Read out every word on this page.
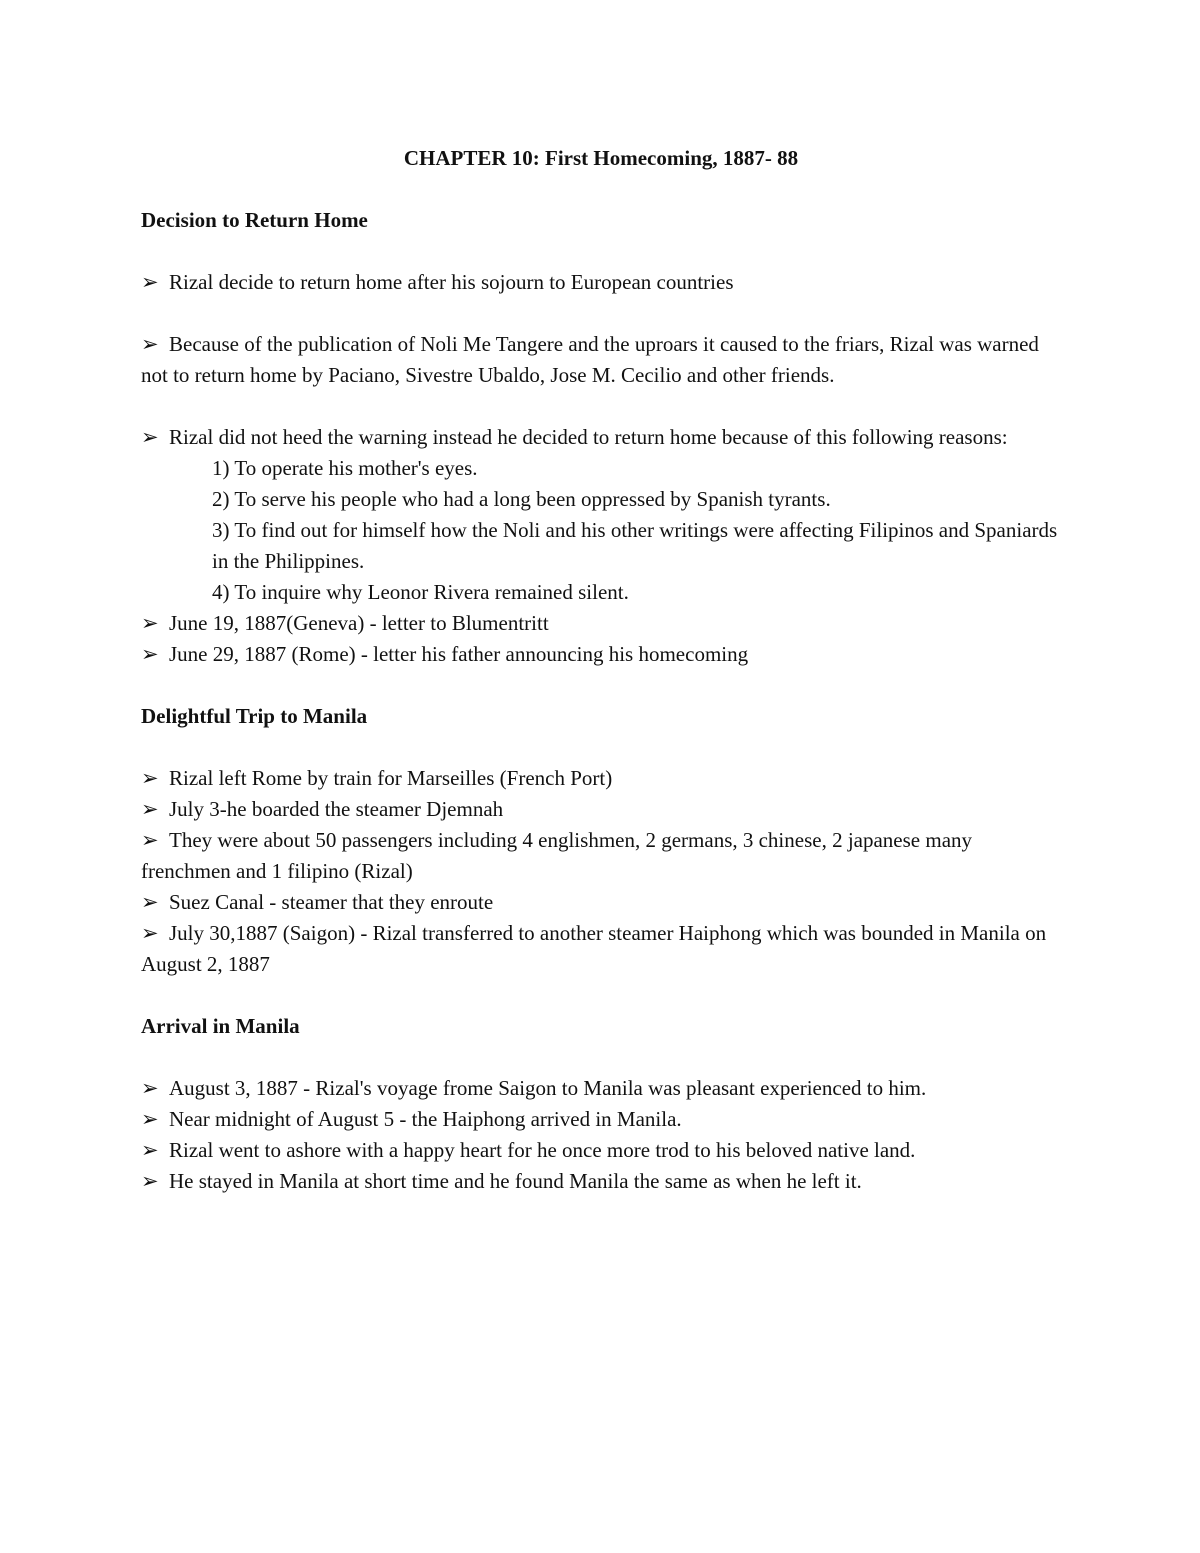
CHAPTER 10: First Homecoming, 1887- 88
Decision to Return Home

➢ Rizal decide to return home after his sojourn to European countries

➢ Because of the publication of Noli Me Tangere and the uproars it caused to the friars, Rizal was warned not to return home by Paciano, Sivestre Ubaldo, Jose M. Cecilio and other friends.

➢ Rizal did not heed the warning instead he decided to return home because of this following reasons:

1) To operate his mother's eyes.
2) To serve his people who had a long been oppressed by Spanish tyrants.
3) To find out for himself how the Noli and his other writings were affecting Filipinos and Spaniards in the Philippines.
4) To inquire why Leonor Rivera remained silent.

➢ June 19, 1887(Geneva) - letter to Blumentritt

➢ June 29, 1887 (Rome) - letter his father announcing his homecoming

Delightful Trip to Manila

➢ Rizal left Rome by train for Marseilles (French Port)

➢ July 3-he boarded the steamer Djemnah

➢ They were about 50 passengers including 4 englishmen, 2 germans, 3 chinese, 2 japanese many frenchmen and 1 filipino (Rizal)

➢ Suez Canal - steamer that they enroute

➢ July 30,1887 (Saigon) - Rizal transferred to another steamer Haiphong which was bounded in Manila on August 2, 1887

Arrival in Manila

➢ August 3, 1887 - Rizal's voyage frome Saigon to Manila was pleasant experienced to him.

➢ Near midnight of August 5 - the Haiphong arrived in Manila.

➢ Rizal went to ashore with a happy heart for he once more trod to his beloved native land.

➢ He stayed in Manila at short time and he found Manila the same as when he left it.
